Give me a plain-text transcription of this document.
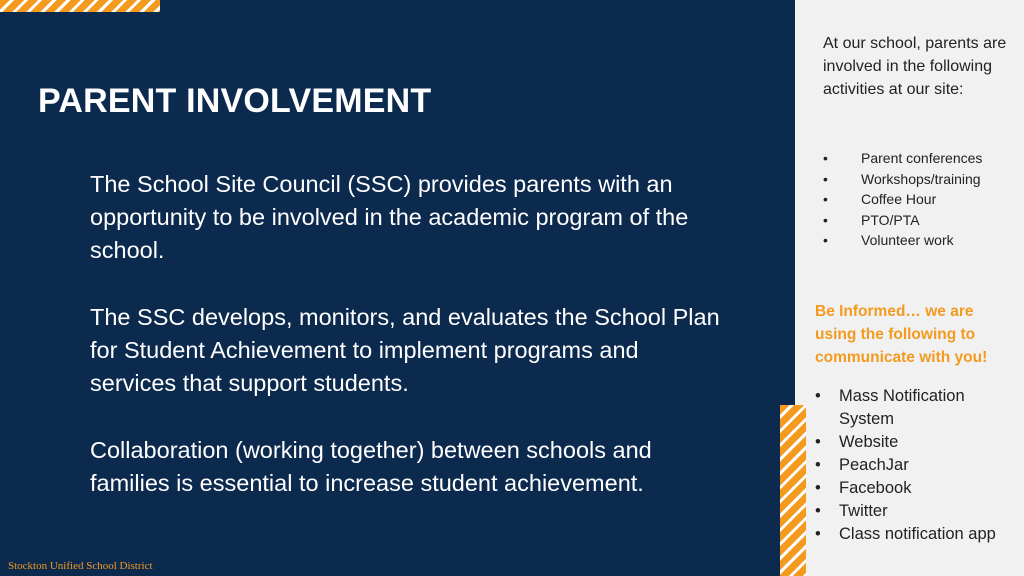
PARENT INVOLVEMENT
The School Site Council (SSC) provides parents with an opportunity to be involved in the academic program of the school.
The SSC develops, monitors, and evaluates the School Plan for Student Achievement to implement programs and services that support students.
Collaboration (working together) between schools and families is essential to increase student achievement.
Stockton Unified School District
At our school, parents are involved in the following activities at our site:
• Parent conferences
• Workshops/training
• Coffee Hour
• PTO/PTA
• Volunteer work
Be Informed… we are using the following to communicate with you!
• Mass Notification System
• Website
• PeachJar
• Facebook
• Twitter
• Class notification app
